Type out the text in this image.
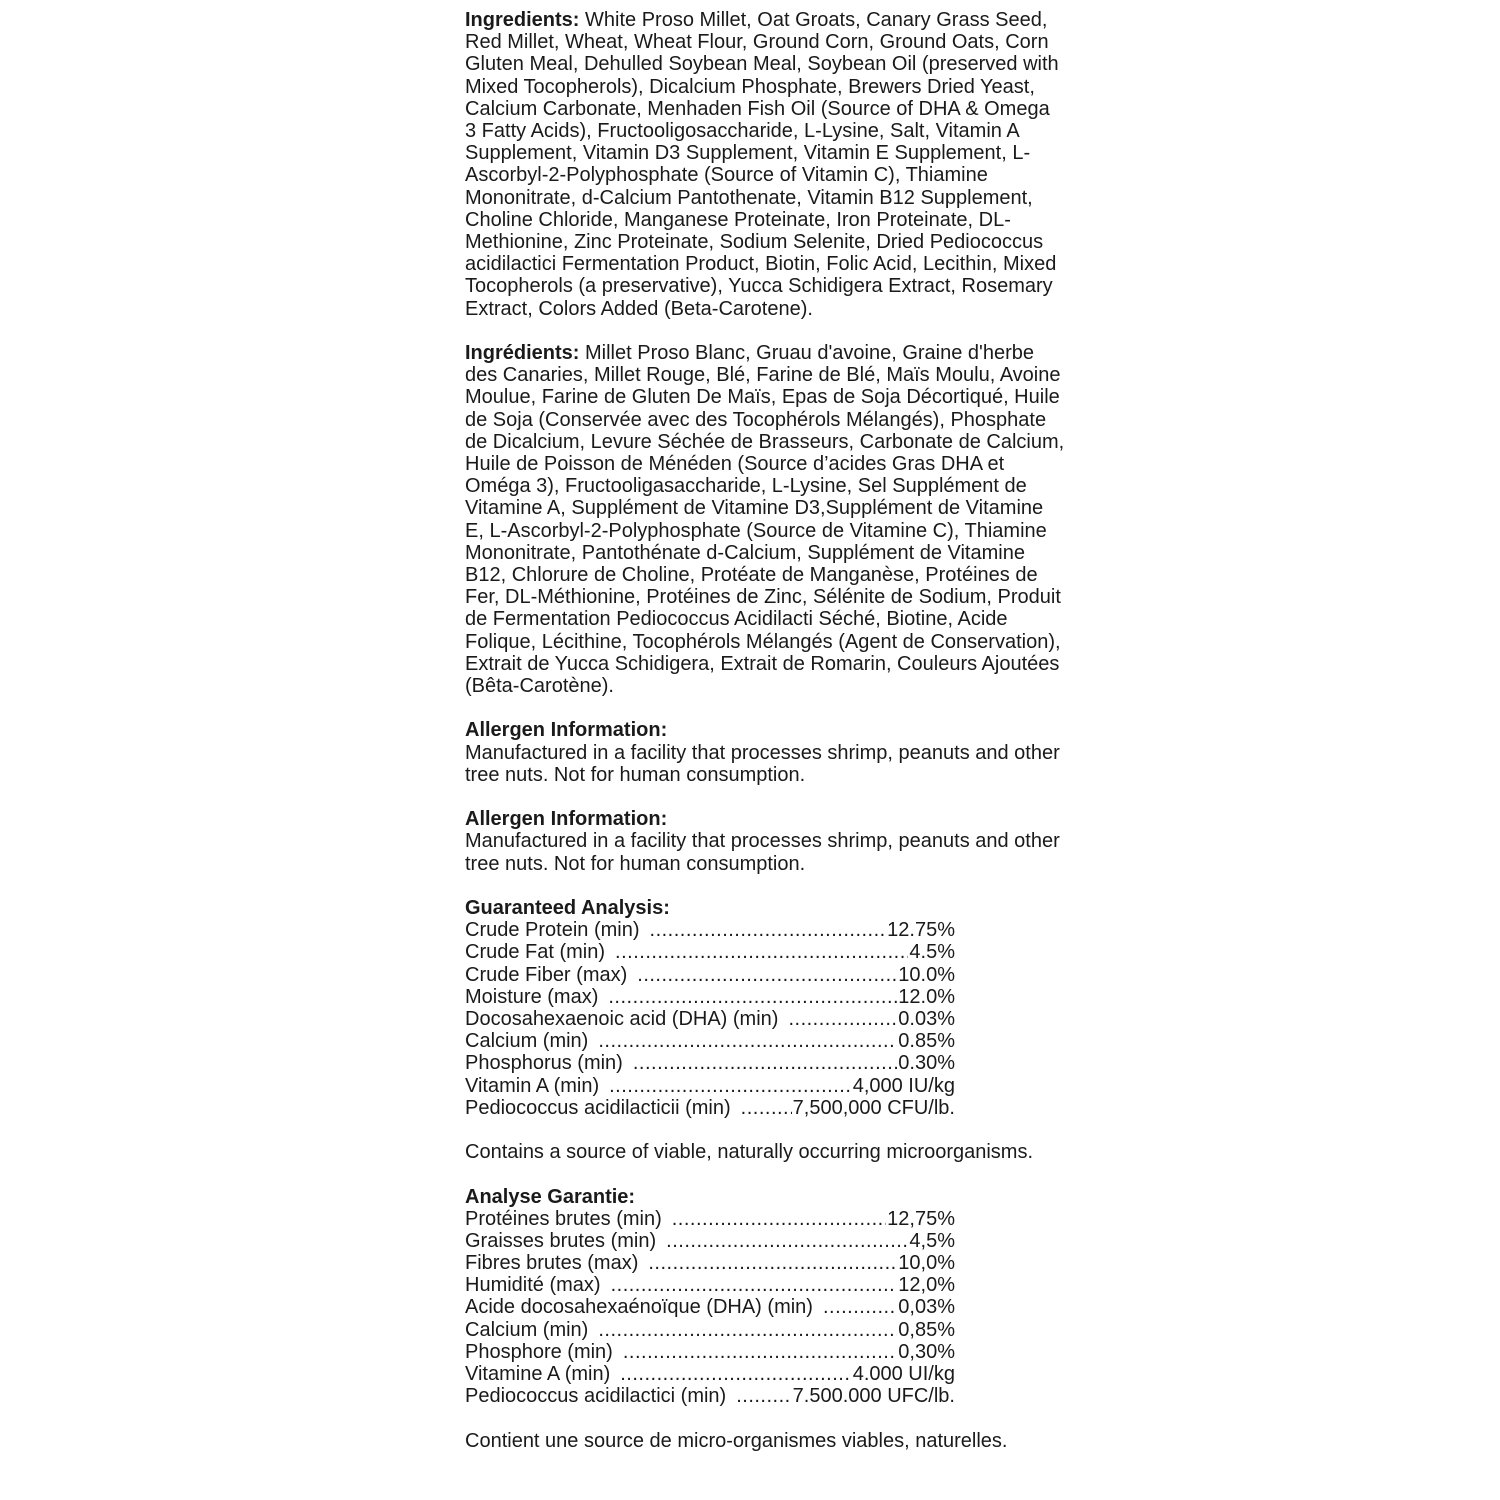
Ingredients: White Proso Millet, Oat Groats, Canary Grass Seed, Red Millet, Wheat, Wheat Flour, Ground Corn, Ground Oats, Corn Gluten Meal, Dehulled Soybean Meal, Soybean Oil (preserved with Mixed Tocopherols), Dicalcium Phosphate, Brewers Dried Yeast, Calcium Carbonate, Menhaden Fish Oil (Source of DHA & Omega 3 Fatty Acids), Fructooligosaccharide, L-Lysine, Salt, Vitamin A Supplement, Vitamin D3 Supplement, Vitamin E Supplement, L-Ascorbyl-2-Polyphosphate (Source of Vitamin C), Thiamine Mononitrate, d-Calcium Pantothenate, Vitamin B12 Supplement, Choline Chloride, Manganese Proteinate, Iron Proteinate, DL-Methionine, Zinc Proteinate, Sodium Selenite, Dried Pediococcus acidilactici Fermentation Product, Biotin, Folic Acid, Lecithin, Mixed Tocopherols (a preservative), Yucca Schidigera Extract, Rosemary Extract, Colors Added (Beta-Carotene).

Ingrédients: Millet Proso Blanc, Gruau d'avoine, Graine d'herbe des Canaries, Millet Rouge, Blé, Farine de Blé, Maïs Moulu, Avoine Moulue, Farine de Gluten De Maïs, Epas de Soja Décortiqué, Huile de Soja (Conservée avec des Tocophérols Mélangés), Phosphate de Dicalcium, Levure Séchée de Brasseurs, Carbonate de Calcium, Huile de Poisson de Ménéden (Source d’acides Gras DHA et Oméga 3), Fructooligasaccharide, L-Lysine, Sel Supplément de Vitamine A, Supplément de Vitamine D3,Supplément de Vitamine E, L-Ascorbyl-2-Polyphosphate (Source de Vitamine C), Thiamine Mononitrate, Pantothénate d-Calcium, Supplément de Vitamine B12, Chlorure de Choline, Protéate de Manganèse, Protéines de Fer, DL-Méthionine, Protéines de Zinc, Sélénite de Sodium, Produit de Fermentation Pediococcus Acidilacti Séché, Biotine, Acide Folique, Lécithine, Tocophérols Mélangés (Agent de Conservation), Extrait de Yucca Schidigera, Extrait de Romarin, Couleurs Ajoutées (Bêta-Carotène).

Allergen Information:
Manufactured in a facility that processes shrimp, peanuts and other tree nuts. Not for human consumption.
Allergen Information:
Manufactured in a facility that processes shrimp, peanuts and other tree nuts. Not for human consumption.
Guaranteed Analysis:
Crude Protein (min) .....	12.75%
Crude Fat (min) .....	4.5%
Crude Fiber (max) .....	10.0%
Moisture (max) .....	12.0%
Docosahexaenoic acid (DHA) (min) .....	0.03%
Calcium (min) .....	0.85%
Phosphorus (min) .....	0.30%
Vitamin A (min) .....	4,000 IU/kg
Pediococcus acidilacticii (min) .....	7,500,000 CFU/lb.

Contains a source of viable, naturally occurring microorganisms.

Analyse Garantie:
Protéines brutes (min) .....	12,75%
Graisses brutes (min) .....	4,5%
Fibres brutes (max) .....	10,0%
Humidité (max) .....	12,0%
Acide docosahexaénoïque (DHA) (min) .....	0,03%
Calcium (min) .....	0,85%
Phosphore (min) .....	0,30%
Vitamine A (min) .....	4.000 UI/kg
Pediococcus acidilactici (min) .....	7.500.000 UFC/lb.

Contient une source de micro-organismes viables, naturelles.
